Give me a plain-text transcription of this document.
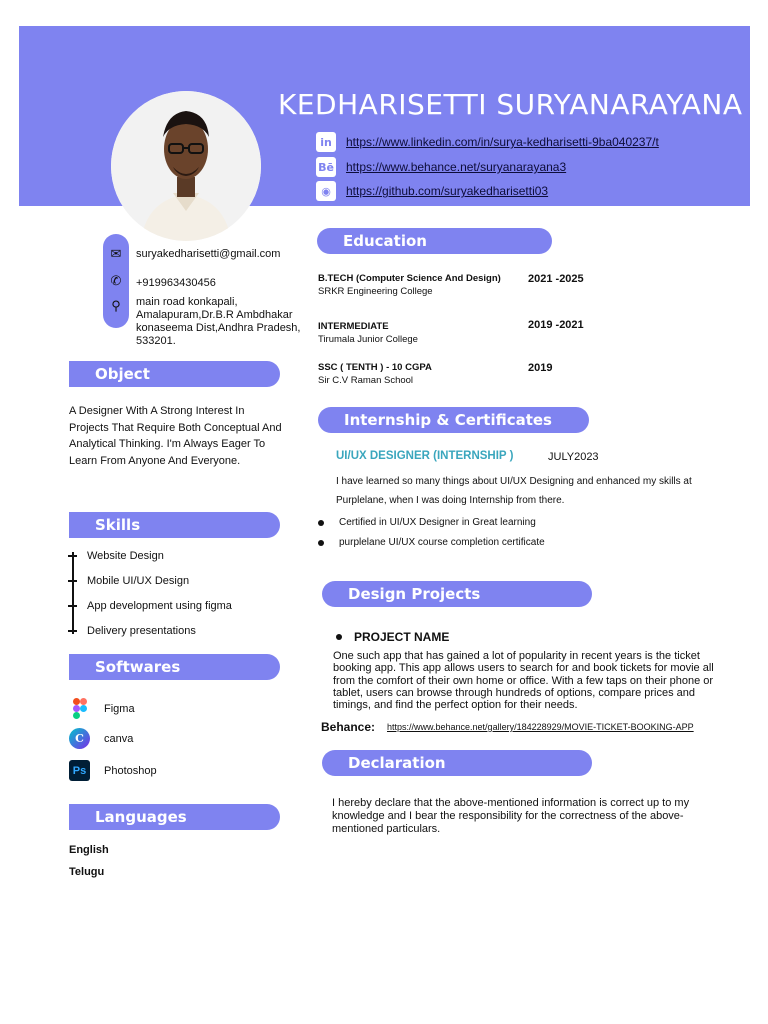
KEDHARISETTI SURYANARAYANA
in	https://www.linkedin.com/in/surya-kedharisetti-9ba040237/t
Bē https://www.behance.net/suryanarayana3
◉	https://github.com/suryakedharisetti03
✉
✆
⚲
suryakedharisetti@gmail.com
+919963430456
main road konkapali,
Amalapuram,Dr.B.R Ambdhakar
konaseema Dist,Andhra Pradesh,
533201.
Object
A Designer With A Strong Interest In Projects That Require Both Conceptual And Analytical Thinking. I'm Always Eager To Learn From Anyone And Everyone.
Skills
Website Design
Mobile UI/UX Design
App development using figma
Delivery presentations
Softwares
Figma
C	canva
Ps	Photoshop
Languages
English
Telugu
Education
B.TECH (Computer Science And Design)
SRKR Engineering College
2021 -2025
INTERMEDIATE
Tirumala Junior College
2019 -2021
SSC ( TENTH ) - 10 CGPA
Sir C.V Raman School
2019
Internship & Certificates
UI/UX DESIGNER (INTERNSHIP )	JULY2023
I have learned so many things about UI/UX Designing and enhanced my skills at Purplelane, when I was doing Internship from there.
Certified in UI/UX Designer in Great learning
purplelane UI/UX course completion certificate
Design Projects
PROJECT NAME
One such app that has gained a lot of popularity in recent years is the ticket booking app. This app allows users to search for and book tickets for movie all from the comfort of their own home or office. With a few taps on their phone or tablet, users can browse through hundreds of options, compare prices and timings, and find the perfect option for their needs.
Behance: https://www.behance.net/gallery/184228929/MOVIE-TICKET-BOOKING-APP
Declaration
I hereby declare that the above-mentioned information is correct up to my knowledge and I bear the responsibility for the correctness of the above-mentioned particulars.
